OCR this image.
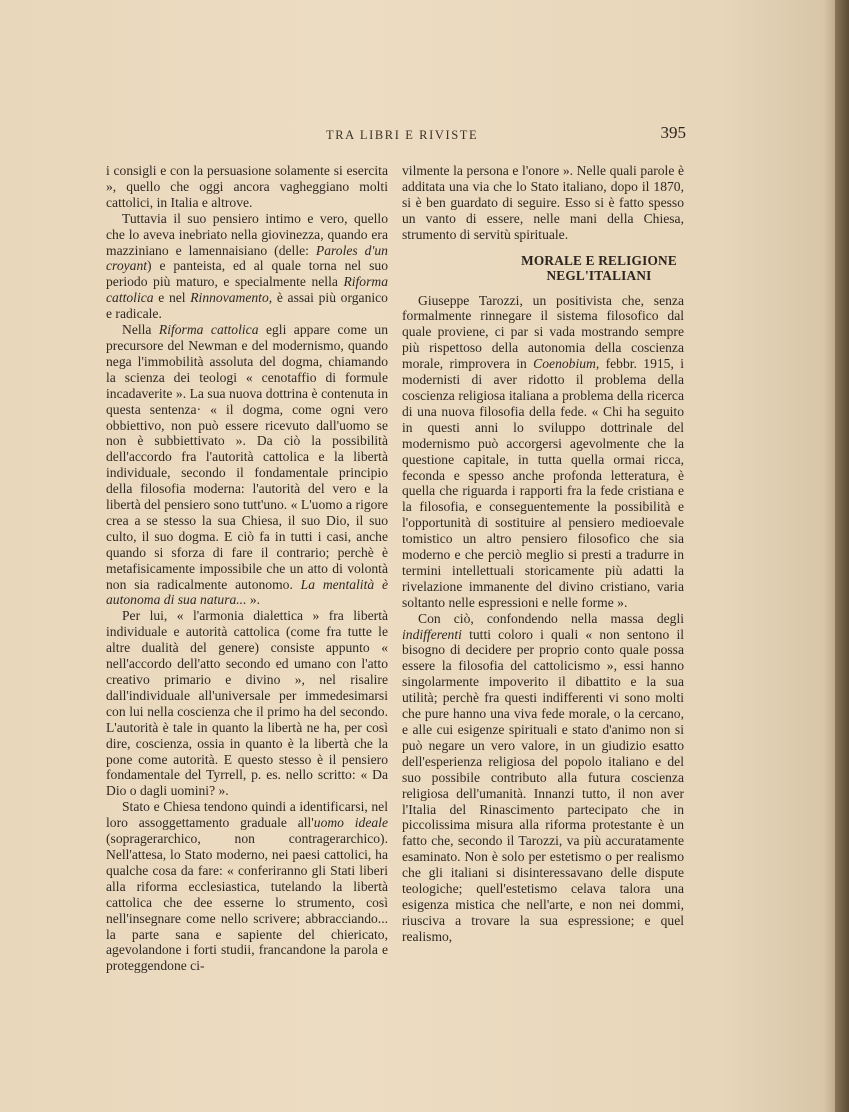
TRA LIBRI E RIVISTE	395

i consigli e con la persuasione solamente si esercita », quello che oggi ancora vagheggiano molti cattolici, in Italia e altrove.

Tuttavia il suo pensiero intimo e vero, quello che lo aveva inebriato nella giovinezza, quando era mazziniano e lamennaisiano (delle: Paroles d'un croyant) e panteista, ed al quale torna nel suo periodo più maturo, e specialmente nella Riforma cattolica e nel Rinnovamento, è assai più organico e radicale.

Nella Riforma cattolica egli appare come un precursore del Newman e del modernismo, quando nega l'immobilità assoluta del dogma, chiamando la scienza dei teologi « cenotaffio di formule incadaverite ». La sua nuova dottrina è contenuta in questa sentenza· « il dogma, come ogni vero obbiettivo, non può essere ricevuto dall'uomo se non è subbiettivato ». Da ciò la possibilità dell'accordo fra l'autorità cattolica e la libertà individuale, secondo il fondamentale principio della filosofia moderna: l'autorità del vero e la libertà del pensiero sono tutt'uno. « L'uomo a rigore crea a se stesso la sua Chiesa, il suo Dio, il suo culto, il suo dogma. E ciò fa in tutti i casi, anche quando si sforza di fare il contrario; perchè è metafisicamente impossibile che un atto di volontà non sia radicalmente autonomo. La mentalità è autonoma di sua natura... ».

Per lui, « l'armonia dialettica » fra libertà individuale e autorità cattolica (come fra tutte le altre dualità del genere) consiste appunto « nell'accordo dell'atto secondo ed umano con l'atto creativo primario e divino », nel risalire dall'individuale all'universale per immedesimarsi con lui nella coscienza che il primo ha del secondo. L'autorità è tale in quanto la libertà ne ha, per così dire, coscienza, ossia in quanto è la libertà che la pone come autorità. E questo stesso è il pensiero fondamentale del Tyrrell, p. es. nello scritto: « Da Dio o dagli uomini? ».

Stato e Chiesa tendono quindi a identificarsi, nel loro assoggettamento graduale all'uomo ideale (sopragerarchico, non contragerarchico). Nell'attesa, lo Stato moderno, nei paesi cattolici, ha qualche cosa da fare: « conferiranno gli Stati liberi alla riforma ecclesiastica, tutelando la libertà cattolica che dee esserne lo strumento, così nell'insegnare come nello scrivere; abbracciando... la parte sana e sapiente del chiericato, agevolandone i forti studii, francandone la parola e proteggendone ci-

vilmente la persona e l'onore ». Nelle quali parole è additata una via che lo Stato italiano, dopo il 1870, si è ben guardato di seguire. Esso si è fatto spesso un vanto di essere, nelle mani della Chiesa, strumento di servitù spirituale.

MORALE E RELIGIONE
NEGL'ITALIANI

Giuseppe Tarozzi, un positivista che, senza formalmente rinnegare il sistema filosofico dal quale proviene, ci par si vada mostrando sempre più rispettoso della autonomia della coscienza morale, rimprovera in Coenobium, febbr. 1915, i modernisti di aver ridotto il problema della coscienza religiosa italiana a problema della ricerca di una nuova filosofia della fede. « Chi ha seguito in questi anni lo sviluppo dottrinale del modernismo può accorgersi agevolmente che la questione capitale, in tutta quella ormai ricca, feconda e spesso anche profonda letteratura, è quella che riguarda i rapporti fra la fede cristiana e la filosofia, e conseguentemente la possibilità e l'opportunità di sostituire al pensiero medioevale tomistico un altro pensiero filosofico che sia moderno e che perciò meglio si presti a tradurre in termini intellettuali storicamente più adatti la rivelazione immanente del divino cristiano, varia soltanto nelle espressioni e nelle forme ».

Con ciò, confondendo nella massa degli indifferenti tutti coloro i quali « non sentono il bisogno di decidere per proprio conto quale possa essere la filosofia del cattolicismo », essi hanno singolarmente impoverito il dibattito e la sua utilità; perchè fra questi indifferenti vi sono molti che pure hanno una viva fede morale, o la cercano, e alle cui esigenze spirituali e stato d'animo non si può negare un vero valore, in un giudizio esatto dell'esperienza religiosa del popolo italiano e del suo possibile contributo alla futura coscienza religiosa dell'umanità. Innanzi tutto, il non aver l'Italia del Rinascimento partecipato che in piccolissima misura alla riforma protestante è un fatto che, secondo il Tarozzi, va più accuratamente esaminato. Non è solo per estetismo o per realismo che gli italiani si disinteressavano delle dispute teologiche; quell'estetismo celava talora una esigenza mistica che nell'arte, e non nei dommi, riusciva a trovare la sua espressione; e quel realismo,
